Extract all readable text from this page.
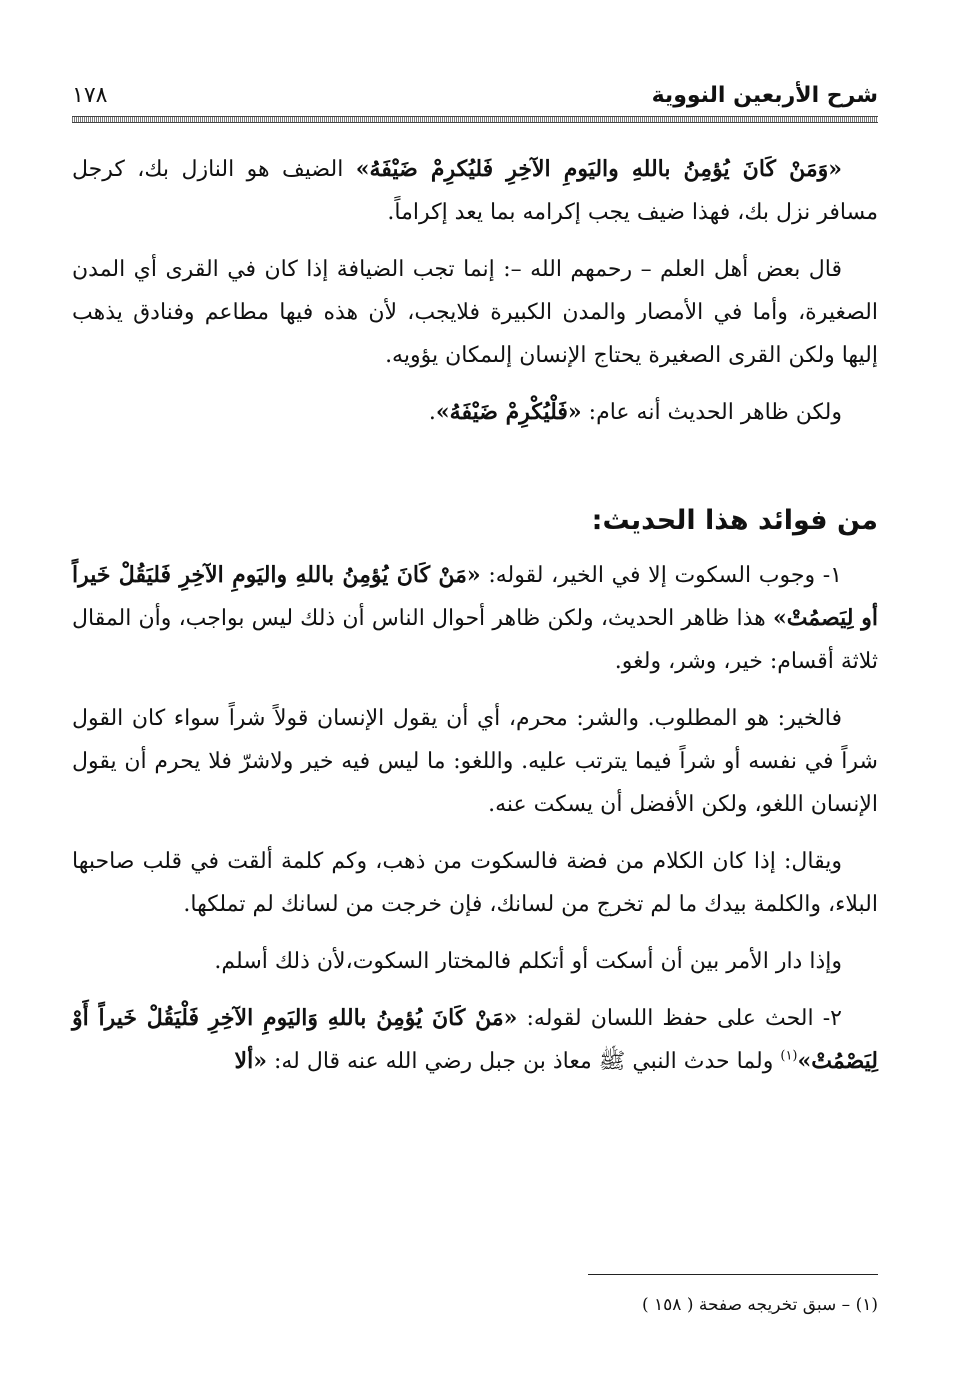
شرح الأربعين النووية
١٧٨

«وَمَنْ كَانَ يُؤمِنُ باللهِ واليَومِ الآخِرِ فَليُكرِمْ ضَيْفَهُ» الضيف هو النازل بك، كرجل مسافر نزل بك، فهذا ضيف يجب إكرامه بما يعد إكراماً.

قال بعض أهل العلم – رحمهم الله –: إنما تجب الضيافة إذا كان في القرى أي المدن الصغيرة، وأما في الأمصار والمدن الكبيرة فلايجب، لأن هذه فيها مطاعم وفنادق يذهب إليها ولكن القرى الصغيرة يحتاج الإنسان إلىمكان يؤويه.

ولكن ظاهر الحديث أنه عام: «فَلْيُكْرِمْ ضَيْفَهُ».

من فوائد هذا الحديث:

١- وجوب السكوت إلا في الخير، لقوله: «مَنْ كَانَ يُؤمِنُ باللهِ واليَومِ الآخِرِ فَليَقُلْ خَيراً أو لِيَصمُتْ» هذا ظاهر الحديث، ولكن ظاهر أحوال الناس أن ذلك ليس بواجب، وأن المقال ثلاثة أقسام: خير، وشر، ولغو.

فالخير: هو المطلوب. والشر: محرم، أي أن يقول الإنسان قولاً شراً سواء كان القول شراً في نفسه أو شراً فيما يترتب عليه. واللغو: ما ليس فيه خير ولاشرّ فلا يحرم أن يقول الإنسان اللغو، ولكن الأفضل أن يسكت عنه.

ويقال: إذا كان الكلام من فضة فالسكوت من ذهب، وكم كلمة ألقت في قلب صاحبها البلاء، والكلمة بيدك ما لم تخرج من لسانك، فإن خرجت من لسانك لم تملكها.

وإذا دار الأمر بين أن أسكت أو أتكلم فالمختار السكوت،لأن ذلك أسلم.

٢- الحث على حفظ اللسان لقوله: «مَنْ كَانَ يُؤمِنُ باللهِ وَاليَومِ الآخِرِ فَلْيَقُلْ خَيراً أَوْ لِيَصْمُتْ»$^{(١)}$ ولما حدث النبي ﷺ معاذ بن جبل رضي الله عنه قال له: «ألا

(١) – سبق تخريجه صفحة ( ١٥٨ )
